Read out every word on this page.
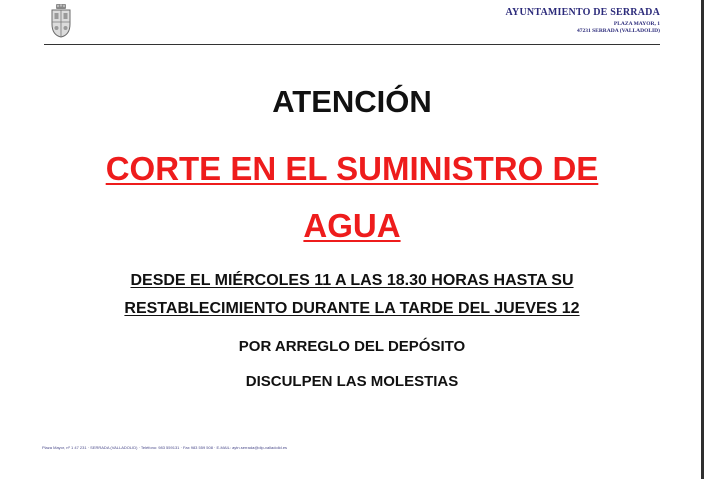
AYUNTAMIENTO DE SERRADA
PLAZA MAYOR, 1
47231 SERRADA (VALLADOLID)
ATENCIÓN
CORTE EN EL SUMINISTRO DE
AGUA
DESDE EL MIÉRCOLES 11 A LAS 18.30 HORAS HASTA SU
RESTABLECIMIENTO DURANTE LA TARDE DEL JUEVES 12
POR ARREGLO DEL DEPÓSITO
DISCULPEN LAS MOLESTIAS
Plaza Mayor, nº 1 47 231 · SERRADA (VALLADOLID) · Teléfono: 983 559131 · Fax 983 559 508 · E-MAIL: aytn.serrada@dip-valladolid.es
